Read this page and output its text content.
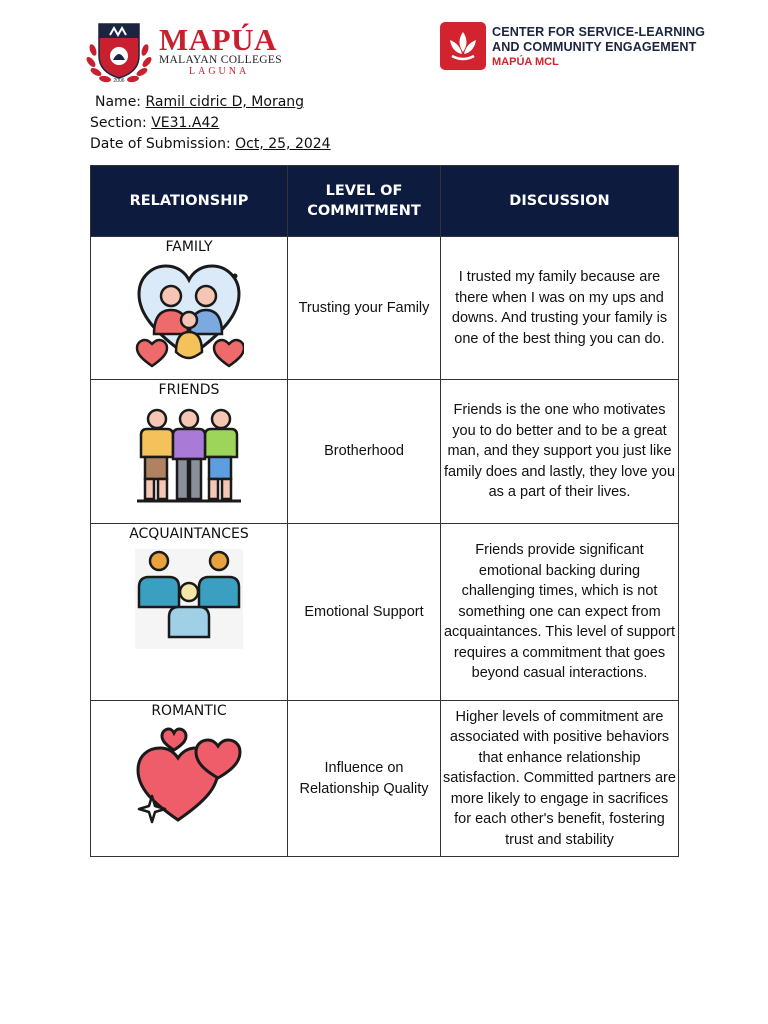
2006
MAPÚA
MALAYAN COLLEGES
LAGUNA
CENTER FOR SERVICE-LEARNING
AND COMMUNITY ENGAGEMENT
MAPÚA MCL
Name: Ramil cidric D, Morang
Section: VE31.A42
Date of Submission: Oct, 25, 2024
RELATIONSHIP	LEVEL OF COMMITMENT	DISCUSSION

FAMILY	Trusting your Family	I trusted my family because are there when I was on my ups and downs. And trusting your family is one of the best thing you can do.

FRIENDS	Brotherhood	Friends is the one who motivates you to do better and to be a great man, and they support you just like family does and lastly, they love you as a part of their lives.

ACQUAINTANCES	Emotional Support	Friends provide significant emotional backing during challenging times, which is not something one can expect from acquaintances. This level of support requires a commitment that goes beyond casual interactions.

ROMANTIC	Influence on Relationship Quality	Higher levels of commitment are associated with positive behaviors that enhance relationship satisfaction. Committed partners are more likely to engage in sacrifices for each other's benefit, fostering trust and stability
